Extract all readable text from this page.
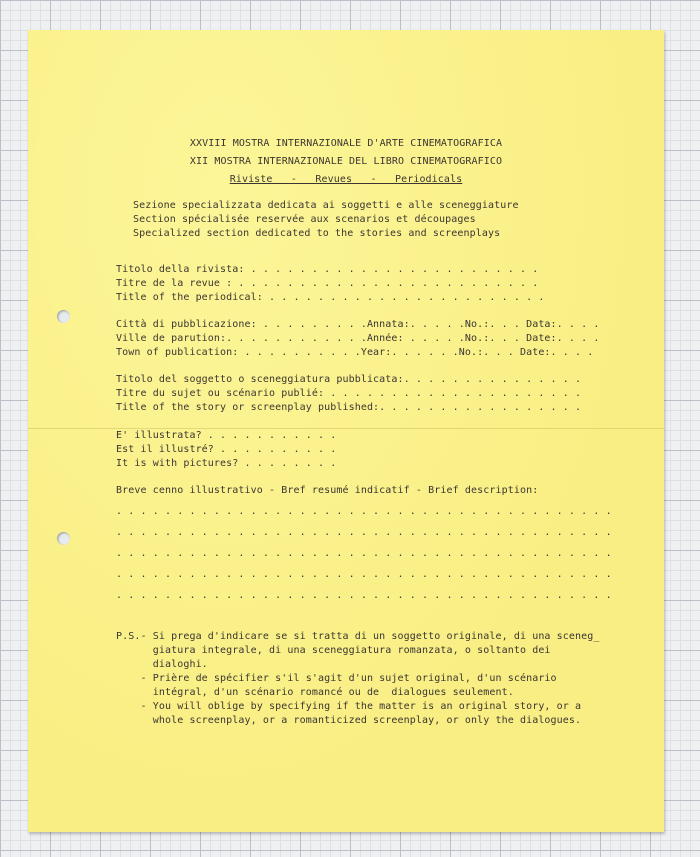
XXVIII MOSTRA INTERNAZIONALE D'ARTE CINEMATOGRAFICA
XII MOSTRA INTERNAZIONALE DEL LIBRO CINEMATOGRAFICO
Riviste   -   Revues   -   Periodicals
Sezione specializzata dedicata ai soggetti e alle sceneggiature
Section spécialisée reservée aux scenarios et découpages
Specialized section dedicated to the stories and screenplays
Titolo della rivista: . . . . . . . . . . . . . . . . . . . . . . . .
Titre de la revue : . . . . . . . . . . . . . . . . . . . . . . . . .
Title of the periodical: . . . . . . . . . . . . . . . . . . . . . . .
Città di pubblicazione: . . . . . . . . .Annata:. . . . .No.:. . . Data:. . . .
Ville de parution:. . . . . . . . . . . .Année: . . . . .No.:. . . Date:. . . .
Town of publication: . . . . . . . . . .Year:. . . . . .No.:. . . Date:. . . .
Titolo del soggetto o sceneggiatura pubblicata:. . . . . . . . . . . . . . .
Titre du sujet ou scénario publié: . . . . . . . . . . . . . . . . . . . . .
Title of the story or screenplay published:. . . . . . . . . . . . . . . . .
E' illustrata? . . . . . . . . . . .
Est il illustré? . . . . . . . . . .
It is with pictures? . . . . . . . .
Breve cenno illustrativo - Bref resumé indicatif - Brief description:
. . . . . . . . . . . . . . . . . . . . . . . . . . . . . . . . . . . . . . . . .
. . . . . . . . . . . . . . . . . . . . . . . . . . . . . . . . . . . . . . . . .
. . . . . . . . . . . . . . . . . . . . . . . . . . . . . . . . . . . . . . . . .
. . . . . . . . . . . . . . . . . . . . . . . . . . . . . . . . . . . . . . . . .
. . . . . . . . . . . . . . . . . . . . . . . . . . . . . . . . . . . . . . . . .
P.S.- Si prega d'indicare se si tratta di un soggetto originale, di una sceneg_
giatura integrale, di una sceneggiatura romanzata, o soltanto dei
dialoghi.
- Prière de spécifier s'il s'agit d'un sujet original, d'un scénario
intégral, d'un scénario romancé ou de  dialogues seulement.
- You will oblige by specifying if the matter is an original story, or a
whole screenplay, or a romanticized screenplay, or only the dialogues.
